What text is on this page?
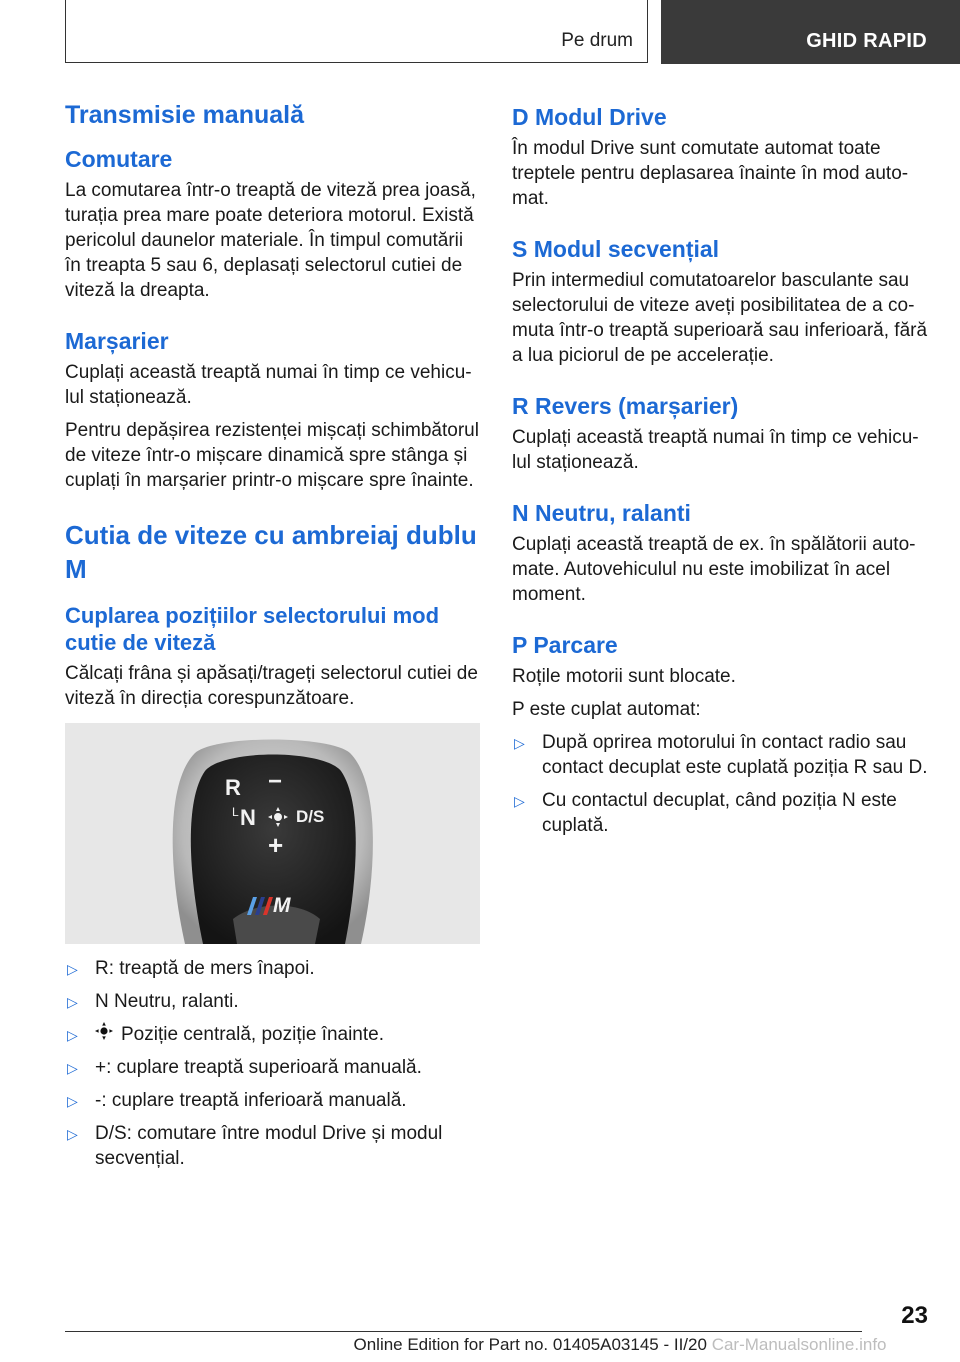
Pe drum	GHID RAPID
Transmisie manuală
Comutare

La comutarea într-o treaptă de viteză prea joasă, turația prea mare poate deteriora motorul. Există pericolul daunelor materiale. În timpul comutării în treapta 5 sau 6, deplasați selectorul cutiei de viteză la dreapta.

Marșarier

Cuplați această treaptă numai în timp ce vehicu-lul staționează.

Pentru depășirea rezistenței mișcați schimbătorul de viteze într-o mișcare dinamică spre stânga și cuplați în marșarier printr-o mișcare spre înainte.

Cutia de viteze cu ambreiaj dublu M
Cuplarea pozițiilor selectorului mod cutie de viteză

Călcați frâna și apăsați/trageți selectorul cutiei de viteză în direcția corespunzătoare.

R −
L N D/S
+
M
▷ R: treaptă de mers înapoi.
▷ N Neutru, ralanti.
▷ Poziție centrală, poziție înainte.
▷ +: cuplare treaptă superioară manuală.
▷ -: cuplare treaptă inferioară manuală.
▷ D/S: comutare între modul Drive și modul secvențial.
D Modul Drive

În modul Drive sunt comutate automat toate treptele pentru deplasarea înainte în mod auto-mat.

S Modul secvențial

Prin intermediul comutatoarelor basculante sau selectorului de viteze aveți posibilitatea de a co-muta într-o treaptă superioară sau inferioară, fără a lua piciorul de pe accelerație.

R Revers (marșarier)

Cuplați această treaptă numai în timp ce vehicu-lul staționează.

N Neutru, ralanti

Cuplați această treaptă de ex. în spălătorii auto-mate. Autovehiculul nu este imobilizat în acel moment.

P Parcare

Roțile motorii sunt blocate.

P este cuplat automat:

▷ După oprirea motorului în contact radio sau contact decuplat este cuplată poziția R sau D.
▷ Cu contactul decuplat, când poziția N este cuplată.
23
Online Edition for Part no. 01405A03145 - II/20 Car-Manualsonline.info
